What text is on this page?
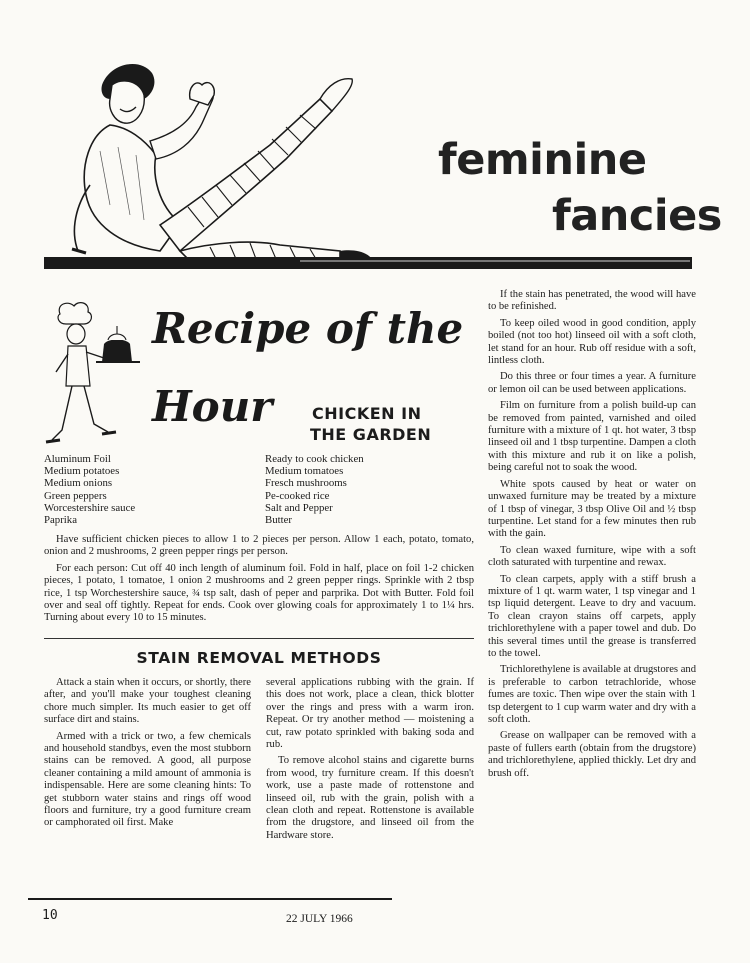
feminine
fancies
Recipe of the
Hour CHICKEN IN
THE GARDEN
Aluminum Foil
Medium potatoes
Medium onions
Green peppers
Worcestershire sauce
Paprika
Ready to cook chicken
Medium tomatoes
Fresch mushrooms
Pe-cooked rice
Salt and Pepper
Butter

Have sufficient chicken pieces to allow 1 to 2 pieces per person. Allow 1 each, potato, tomato, onion and 2 mushrooms, 2 green pepper rings per person.

For each person: Cut off 40 inch length of aluminum foil. Fold in half, place on foil 1-2 chicken pieces, 1 potato, 1 tomatoe, 1 onion 2 mushrooms and 2 green pepper rings. Sprinkle with 2 tbsp rice, 1 tsp Worchestershire sauce, ¾ tsp salt, dash of peper and parprika. Dot with Butter. Fold foil over and seal off tightly. Repeat for ends. Cook over glowing coals for approximately 1 to 1¼ hrs. Turning about every 10 to 15 minutes.

STAIN REMOVAL METHODS

Attack a stain when it occurs, or shortly, there after, and you'll make your toughest cleaning chore much simpler. Its much easier to get off surface dirt and stains.

Armed with a trick or two, a few chemicals and household standbys, even the most stubborn stains can be removed. A good, all purpose cleaner containing a mild amount of ammonia is indispensable. Here are some cleaning hints: To get stubborn water stains and rings off wood floors and furniture, try a good furniture cream or camphorated oil first. Make

several applications rubbing with the grain. If this does not work, place a clean, thick blotter over the rings and press with a warm iron. Repeat. Or try another method — moistening a cut, raw potato sprinkled with baking soda and rub.

To remove alcohol stains and cigarette burns from wood, try furniture cream. If this doesn't work, use a paste made of rottenstone and linseed oil, rub with the grain, polish with a clean cloth and repeat. Rottenstone is available from the drugstore, and linseed oil from the Hardware store.

If the stain has penetrated, the wood will have to be refinished.

To keep oiled wood in good condition, apply boiled (not too hot) linseed oil with a soft cloth, let stand for an hour. Rub off residue with a soft, lintless cloth.

Do this three or four times a year. A furniture or lemon oil can be used between applications.

Film on furniture from a polish build-up can be removed from painted, varnished and oiled furniture with a mixture of 1 qt. hot water, 3 tbsp linseed oil and 1 tbsp turpentine. Dampen a cloth with this mixture and rub it on like a polish, being careful not to soak the wood.

White spots caused by heat or water on unwaxed furniture may be treated by a mixture of 1 tbsp of vinegar, 3 tbsp Olive Oil and ½ tbsp turpentine. Let stand for a few minutes then rub with the gain.

To clean waxed furniture, wipe with a soft cloth saturated with turpentine and rewax.

To clean carpets, apply with a stiff brush a mixture of 1 qt. warm water, 1 tsp vinegar and 1 tsp liquid detergent. Leave to dry and vacuum. To clean crayon stains off carpets, apply trichlorethylene with a paper towel and dub. Do this several times until the grease is transferred to the towel.

Trichlorethylene is available at drugstores and is preferable to carbon tetrachloride, whose fumes are toxic. Then wipe over the stain with 1 tsp detergent to 1 cup warm water and dry with a soft cloth.

Grease on wallpaper can be removed with a paste of fullers earth (obtain from the drugstore) and trichlorethylene, applied thickly. Let dry and brush off.

10	22 JULY 1966
